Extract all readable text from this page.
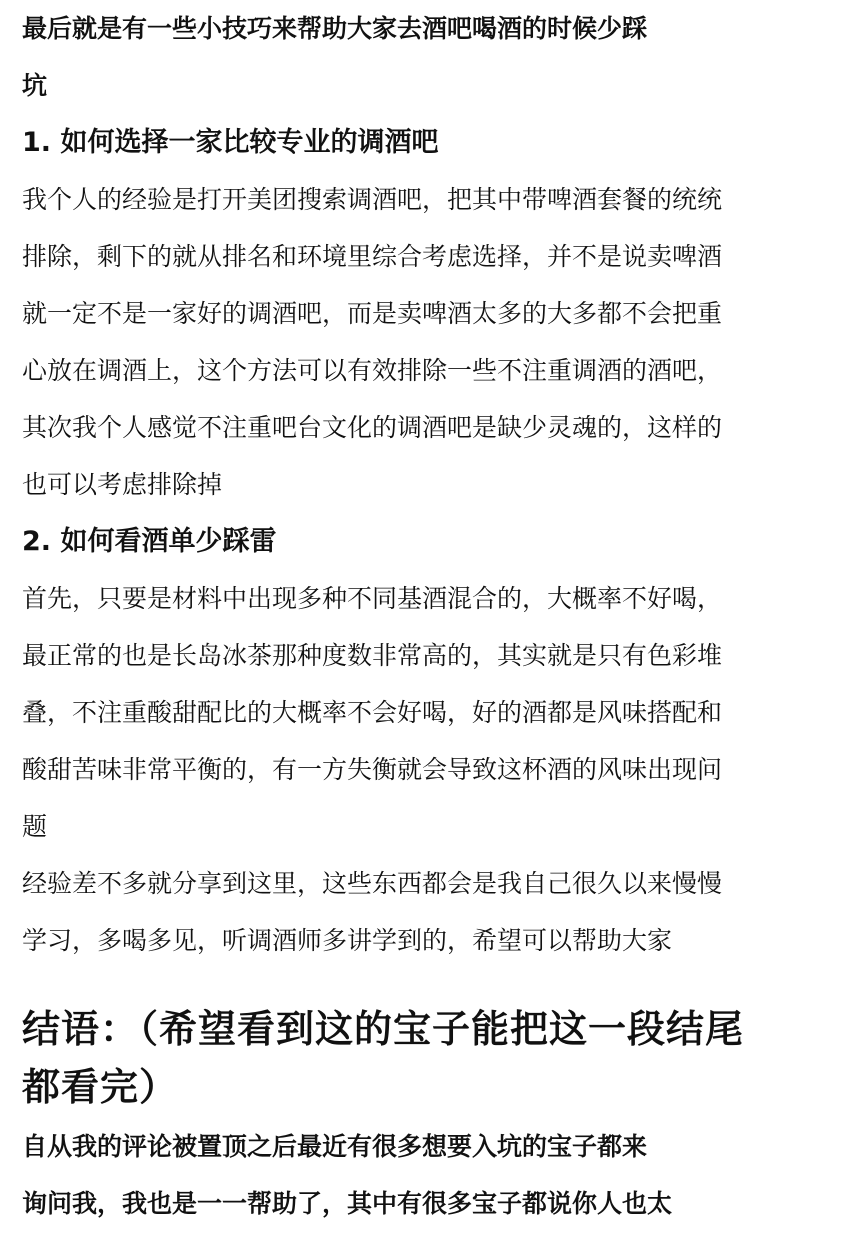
最后就是有一些小技巧来帮助大家去酒吧喝酒的时候少踩
坑
1. 如何选择一家比较专业的调酒吧
我个人的经验是打开美团搜索调酒吧，把其中带啤酒套餐的统统
排除，剩下的就从排名和环境里综合考虑选择，并不是说卖啤酒
就一定不是一家好的调酒吧，而是卖啤酒太多的大多都不会把重
心放在调酒上，这个方法可以有效排除一些不注重调酒的酒吧，
其次我个人感觉不注重吧台文化的调酒吧是缺少灵魂的，这样的
也可以考虑排除掉
2. 如何看酒单少踩雷
首先，只要是材料中出现多种不同基酒混合的，大概率不好喝，
最正常的也是长岛冰茶那种度数非常高的，其实就是只有色彩堆
叠，不注重酸甜配比的大概率不会好喝，好的酒都是风味搭配和
酸甜苦味非常平衡的，有一方失衡就会导致这杯酒的风味出现问
题
经验差不多就分享到这里，这些东西都会是我自己很久以来慢慢
学习，多喝多见，听调酒师多讲学到的，希望可以帮助大家
结语：（希望看到这的宝子能把这一段结尾
都看完）
自从我的评论被置顶之后最近有很多想要入坑的宝子都来
询问我，我也是一一帮助了，其中有很多宝子都说你人也太
